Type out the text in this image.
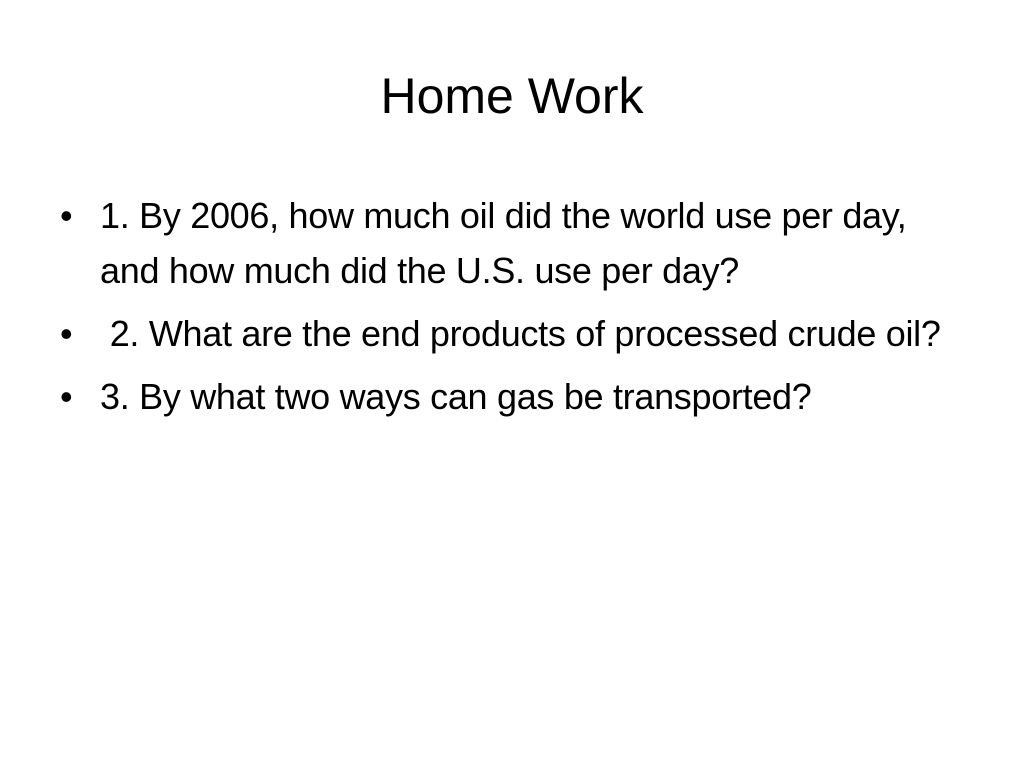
Home Work
• 1. By 2006, how much oil did the world use per day, and how much did the U.S. use per day?
• 2. What are the end products of processed crude oil?
• 3. By what two ways can gas be transported?
